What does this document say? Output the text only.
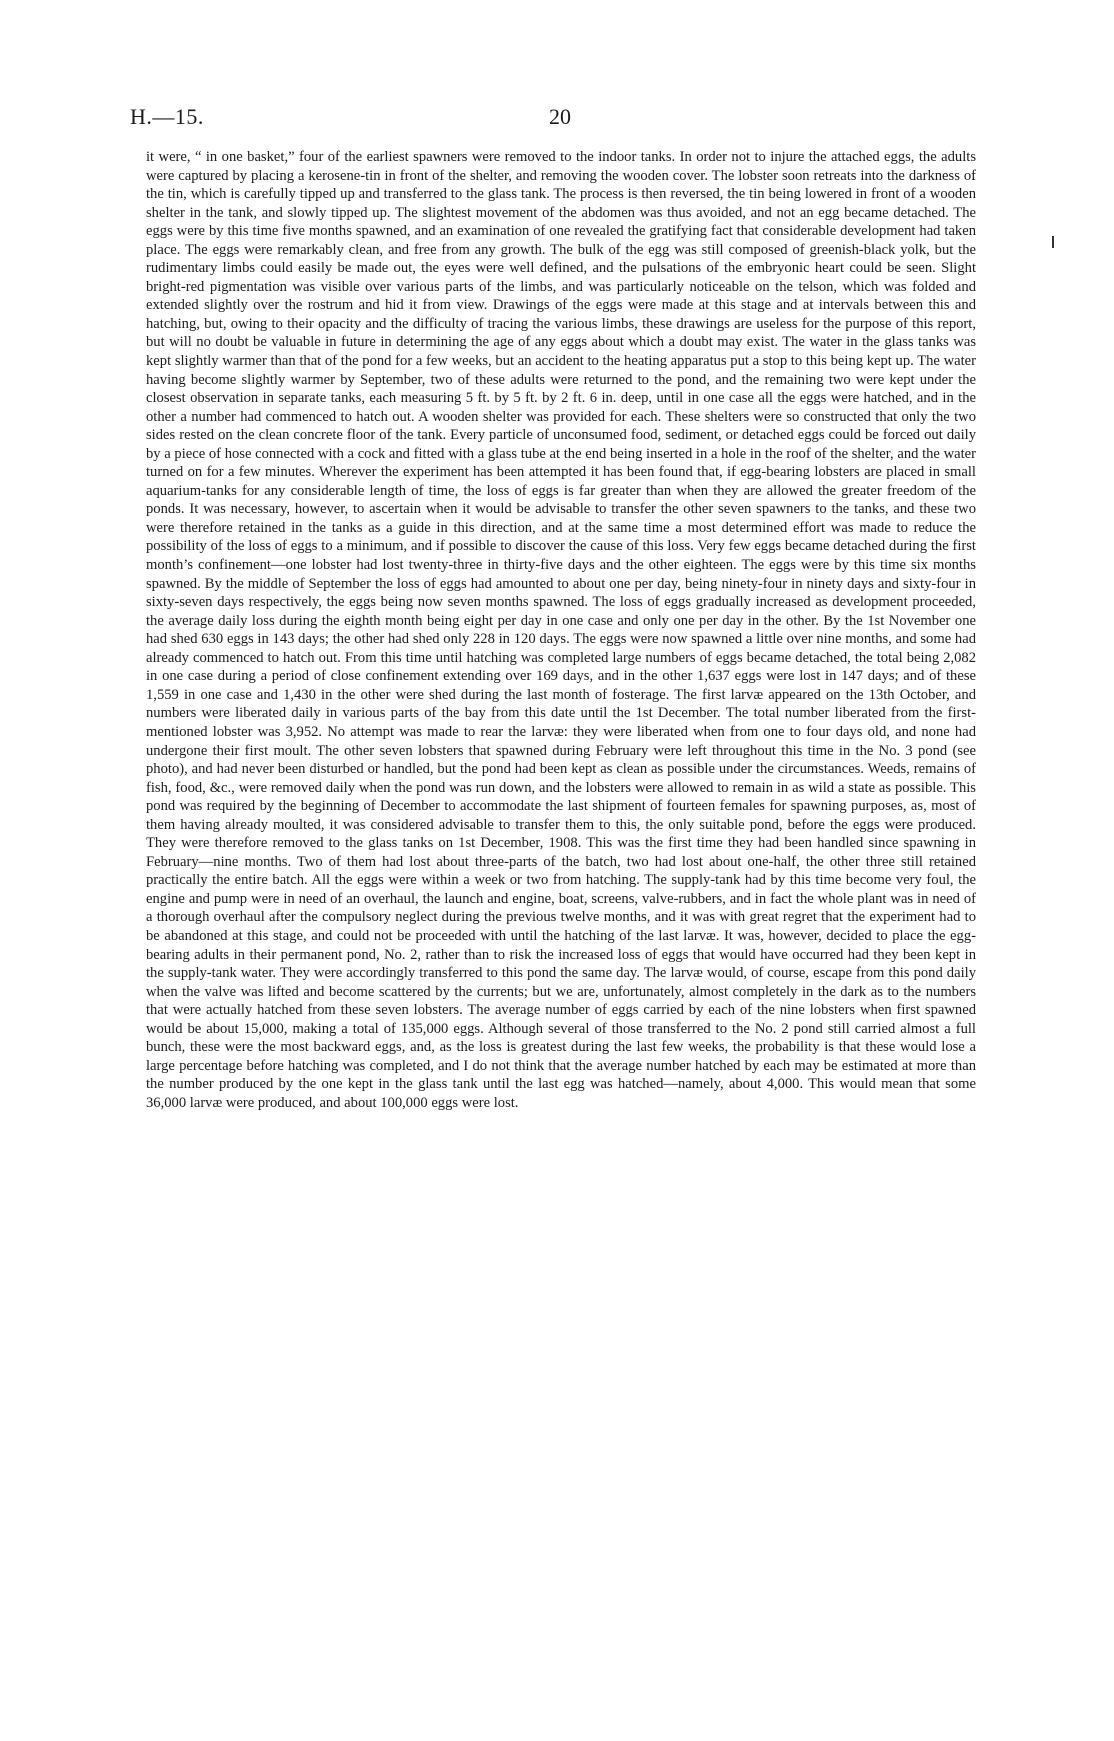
H.—15.	20

it were, “ in one basket,” four of the earliest spawners were removed to the indoor tanks. In order not to injure the attached eggs, the adults were captured by placing a kerosene-tin in front of the shelter, and removing the wooden cover. The lobster soon retreats into the darkness of the tin, which is carefully tipped up and transferred to the glass tank. The process is then reversed, the tin being lowered in front of a wooden shelter in the tank, and slowly tipped up. The slightest movement of the abdomen was thus avoided, and not an egg became detached. The eggs were by this time five months spawned, and an examination of one revealed the gratifying fact that considerable development had taken place. The eggs were remarkably clean, and free from any growth. The bulk of the egg was still composed of greenish-black yolk, but the rudimentary limbs could easily be made out, the eyes were well defined, and the pulsations of the embryonic heart could be seen. Slight bright-red pigmentation was visible over various parts of the limbs, and was particularly noticeable on the telson, which was folded and extended slightly over the rostrum and hid it from view. Drawings of the eggs were made at this stage and at intervals between this and hatching, but, owing to their opacity and the difficulty of tracing the various limbs, these drawings are useless for the purpose of this report, but will no doubt be valuable in future in determining the age of any eggs about which a doubt may exist. The water in the glass tanks was kept slightly warmer than that of the pond for a few weeks, but an accident to the heating apparatus put a stop to this being kept up. The water having become slightly warmer by September, two of these adults were returned to the pond, and the remaining two were kept under the closest observation in separate tanks, each measuring 5 ft. by 5 ft. by 2 ft. 6 in. deep, until in one case all the eggs were hatched, and in the other a number had commenced to hatch out. A wooden shelter was provided for each. These shelters were so constructed that only the two sides rested on the clean concrete floor of the tank. Every particle of unconsumed food, sediment, or detached eggs could be forced out daily by a piece of hose connected with a cock and fitted with a glass tube at the end being inserted in a hole in the roof of the shelter, and the water turned on for a few minutes. Wherever the experiment has been attempted it has been found that, if egg-bearing lobsters are placed in small aquarium-tanks for any considerable length of time, the loss of eggs is far greater than when they are allowed the greater freedom of the ponds. It was necessary, however, to ascertain when it would be advisable to transfer the other seven spawners to the tanks, and these two were therefore retained in the tanks as a guide in this direction, and at the same time a most determined effort was made to reduce the possibility of the loss of eggs to a minimum, and if possible to discover the cause of this loss. Very few eggs became detached during the first month’s confinement—one lobster had lost twenty-three in thirty-five days and the other eighteen. The eggs were by this time six months spawned. By the middle of September the loss of eggs had amounted to about one per day, being ninety-four in ninety days and sixty-four in sixty-seven days respectively, the eggs being now seven months spawned. The loss of eggs gradually increased as development proceeded, the average daily loss during the eighth month being eight per day in one case and only one per day in the other. By the 1st November one had shed 630 eggs in 143 days; the other had shed only 228 in 120 days. The eggs were now spawned a little over nine months, and some had already commenced to hatch out. From this time until hatching was completed large numbers of eggs became detached, the total being 2,082 in one case during a period of close confinement extending over 169 days, and in the other 1,637 eggs were lost in 147 days; and of these 1,559 in one case and 1,430 in the other were shed during the last month of fosterage. The first larvæ appeared on the 13th October, and numbers were liberated daily in various parts of the bay from this date until the 1st December. The total number liberated from the first-mentioned lobster was 3,952. No attempt was made to rear the larvæ: they were liberated when from one to four days old, and none had undergone their first moult. The other seven lobsters that spawned during February were left throughout this time in the No. 3 pond (see photo), and had never been disturbed or handled, but the pond had been kept as clean as possible under the circumstances. Weeds, remains of fish, food, &c., were removed daily when the pond was run down, and the lobsters were allowed to remain in as wild a state as possible. This pond was required by the beginning of December to accommodate the last shipment of fourteen females for spawning purposes, as, most of them having already moulted, it was considered advisable to transfer them to this, the only suitable pond, before the eggs were produced. They were therefore removed to the glass tanks on 1st December, 1908. This was the first time they had been handled since spawning in February—nine months. Two of them had lost about three-parts of the batch, two had lost about one-half, the other three still retained practically the entire batch. All the eggs were within a week or two from hatching. The supply-tank had by this time become very foul, the engine and pump were in need of an overhaul, the launch and engine, boat, screens, valve-rubbers, and in fact the whole plant was in need of a thorough overhaul after the compulsory neglect during the previous twelve months, and it was with great regret that the experiment had to be abandoned at this stage, and could not be proceeded with until the hatching of the last larvæ. It was, however, decided to place the egg-bearing adults in their permanent pond, No. 2, rather than to risk the increased loss of eggs that would have occurred had they been kept in the supply-tank water. They were accordingly transferred to this pond the same day. The larvæ would, of course, escape from this pond daily when the valve was lifted and become scattered by the currents; but we are, unfortunately, almost completely in the dark as to the numbers that were actually hatched from these seven lobsters. The average number of eggs carried by each of the nine lobsters when first spawned would be about 15,000, making a total of 135,000 eggs. Although several of those transferred to the No. 2 pond still carried almost a full bunch, these were the most backward eggs, and, as the loss is greatest during the last few weeks, the probability is that these would lose a large percentage before hatching was completed, and I do not think that the average number hatched by each may be estimated at more than the number produced by the one kept in the glass tank until the last egg was hatched—namely, about 4,000. This would mean that some 36,000 larvæ were produced, and about 100,000 eggs were lost.
